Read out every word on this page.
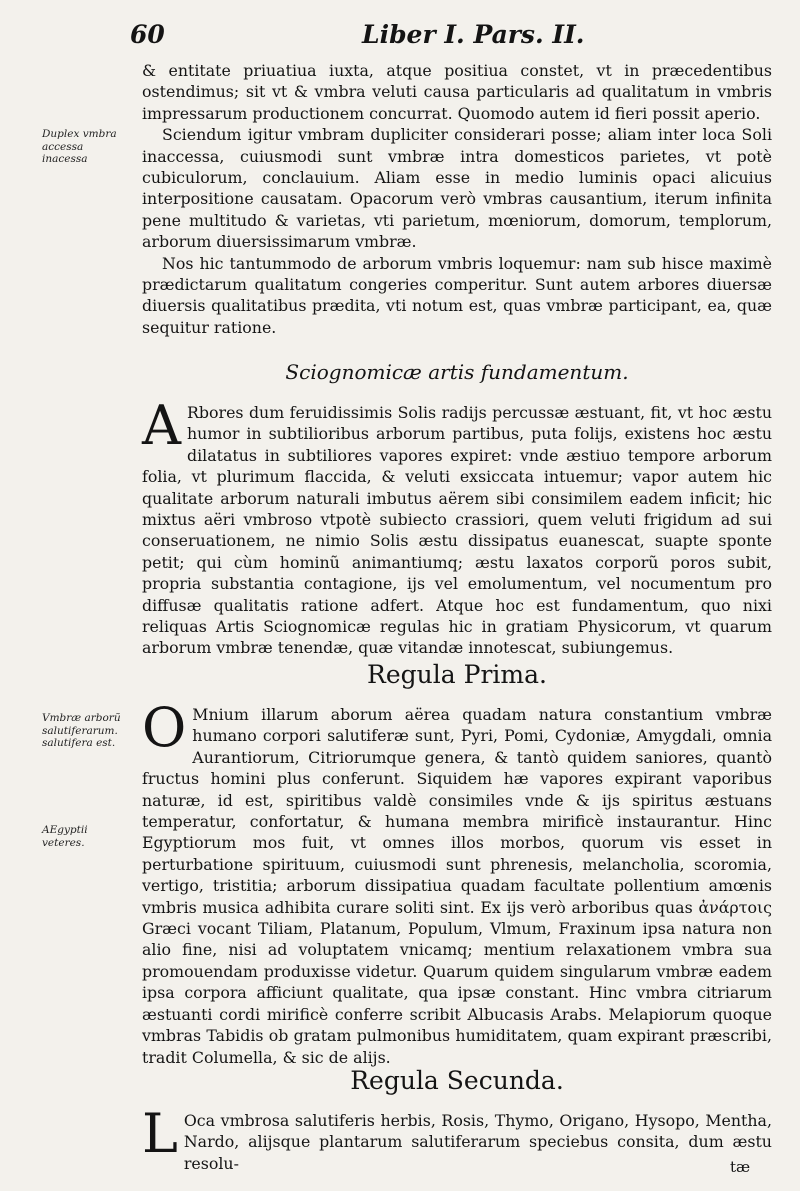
60	Liber I. Pars. II.
Duplex vmbra accessa inacessa
Vmbræ arborũ salutiferarum. salutifera est.
AEgyptii veteres.

& entitate priuatiua iuxta, atque positiua constet, vt in præcedentibus ostendimus; sit vt & vmbra veluti causa particularis ad qualitatum in vmbris impressarum productionem concurrat. Quomodo autem id fieri possit aperio.

Sciendum igitur vmbram dupliciter considerari posse; aliam inter loca Soli inaccessa, cuiusmodi sunt vmbræ intra domesticos parietes, vt potè cubiculorum, conclauium. Aliam esse in medio luminis opaci alicuius interpositione causatam. Opacorum verò vmbras causantium, iterum infinita pene multitudo & varietas, vti parietum, mœniorum, domorum, templorum, arborum diuersissimarum vmbræ.

Nos hic tantummodo de arborum vmbris loquemur: nam sub hisce maximè prædictarum qualitatum congeries comperitur. Sunt autem arbores diuersæ diuersis qualitatibus prædita, vti notum est, quas vmbræ participant, ea, quæ sequitur ratione.

Sciognomicæ artis fundamentum.

A Rbores dum feruidissimis Solis radijs percussæ æstuant, fit, vt hoc æstu humor in subtilioribus arborum partibus, puta folijs, existens hoc æstu dilatatus in subtiliores vapores expiret: vnde æstiuo tempore arborum folia, vt plurimum flaccida, & veluti exsiccata intuemur; vapor autem hic qualitate arborum naturali imbutus aërem sibi consimilem eadem inficit; hic mixtus aëri vmbroso vtpotè subiecto crassiori, quem veluti frigidum ad sui conseruationem, ne nimio Solis æstu dissipatus euanescat, suapte sponte petit; qui cùm hominũ animantiumq; æstu laxatos corporũ poros subit, propria substantia contagione, ijs vel emolumentum, vel nocumentum pro diffusæ qualitatis ratione adfert. Atque hoc est fundamentum, quo nixi reliquas Artis Sciognomicæ regulas hic in gratiam Physicorum, vt quarum arborum vmbræ tenendæ, quæ vitandæ innotescat, subiungemus.

Regula Prima.

O Mnium illarum aborum aërea quadam natura constantium vmbræ humano corpori salutiferæ sunt, Pyri, Pomi, Cydoniæ, Amygdali, omnia Aurantiorum, Citriorumque genera, & tantò quidem saniores, quantò fructus homini plus conferunt. Siquidem hæ vapores expirant vaporibus naturæ, id est, spiritibus valdè consimiles vnde & ijs spiritus æstuans temperatur, confortatur, & humana membra mirificè instaurantur. Hinc Egyptiorum mos fuit, vt omnes illos morbos, quorum vis esset in perturbatione spirituum, cuiusmodi sunt phrenesis, melancholia, scoromia, vertigo, tristitia; arborum dissipatiua quadam facultate pollentium amœnis vmbris musica adhibita curare soliti sint. Ex ijs verò arboribus quas ἀνάρτοις Græci vocant Tiliam, Platanum, Populum, Vlmum, Fraxinum ipsa natura non alio fine, nisi ad voluptatem vnicamq; mentium relaxationem vmbra sua promouendam produxisse videtur. Quarum quidem singularum vmbræ eadem ipsa corpora afficiunt qualitate, qua ipsæ constant. Hinc vmbra citriarum æstuanti cordi mirificè conferre scribit Albucasis Arabs. Melapiorum quoque vmbras Tabidis ob gratam pulmonibus humiditatem, quam expirant præscribi, tradit Columella, & sic de alijs.

Regula Secunda.

L Oca vmbrosa salutiferis herbis, Rosis, Thymo, Origano, Hysopo, Mentha, Nardo, alijsque plantarum salutiferarum speciebus consita, dum æstu resolu-	tæ
